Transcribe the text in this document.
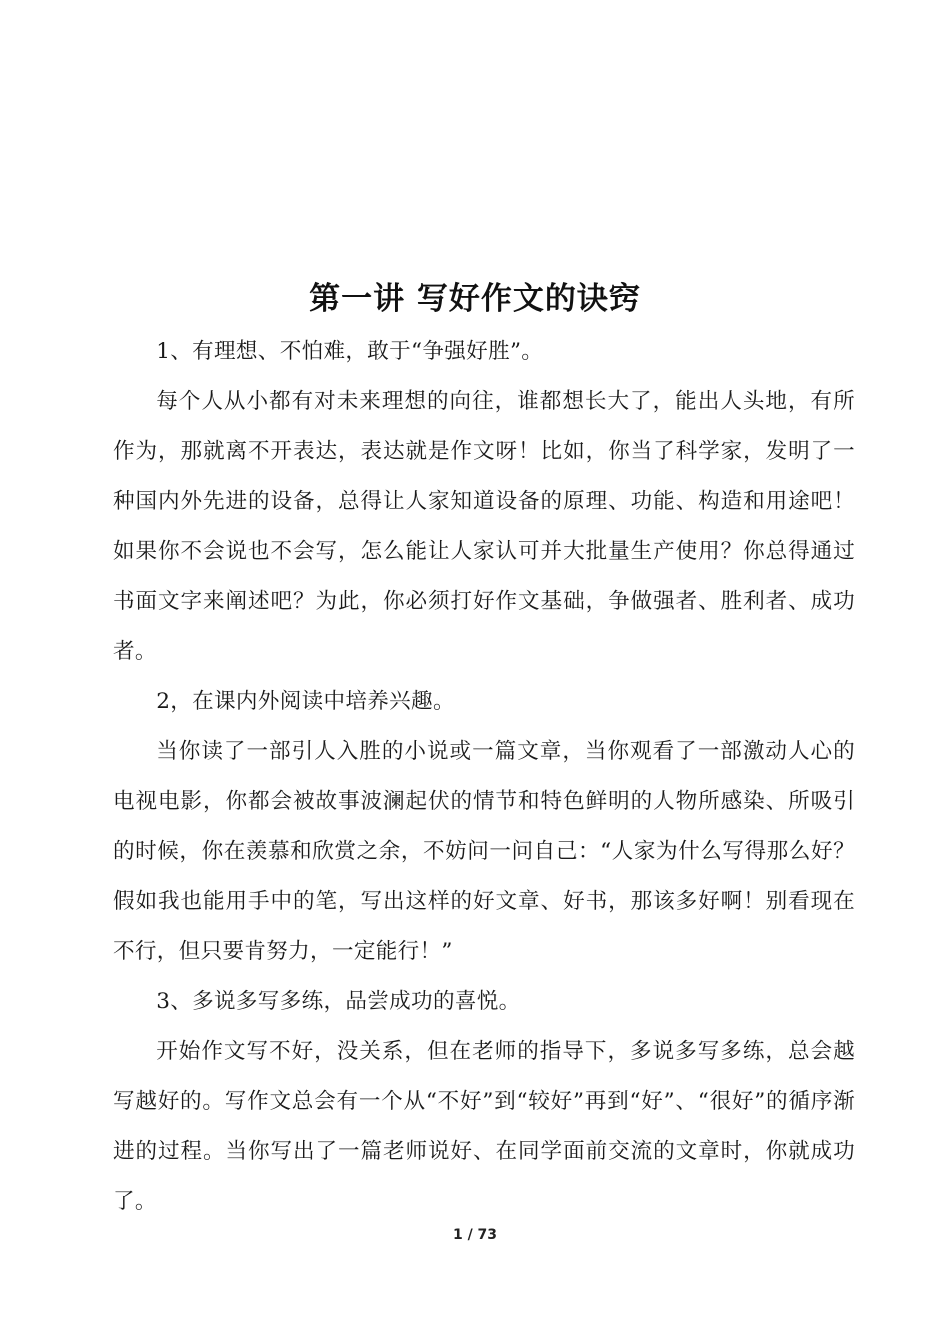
第一讲 写好作文的诀窍

1、有理想、不怕难，敢于“争强好胜”。

每个人从小都有对未来理想的向往，谁都想长大了，能出人头地，有所作为，那就离不开表达，表达就是作文呀！比如，你当了科学家，发明了一种国内外先进的设备，总得让人家知道设备的原理、功能、构造和用途吧！如果你不会说也不会写，怎么能让人家认可并大批量生产使用？你总得通过书面文字来阐述吧？为此，你必须打好作文基础，争做强者、胜利者、成功者。

2，在课内外阅读中培养兴趣。

当你读了一部引人入胜的小说或一篇文章，当你观看了一部激动人心的电视电影，你都会被故事波澜起伏的情节和特色鲜明的人物所感染、所吸引的时候，你在羡慕和欣赏之余，不妨问一问自己：“人家为什么写得那么好？假如我也能用手中的笔，写出这样的好文章、好书，那该多好啊！别看现在不行，但只要肯努力，一定能行！”

3、多说多写多练，品尝成功的喜悦。

开始作文写不好，没关系，但在老师的指导下，多说多写多练，总会越写越好的。写作文总会有一个从“不好”到“较好”再到“好”、“很好”的循序渐进的过程。当你写出了一篇老师说好、在同学面前交流的文章时，你就成功了。

1 / 73
